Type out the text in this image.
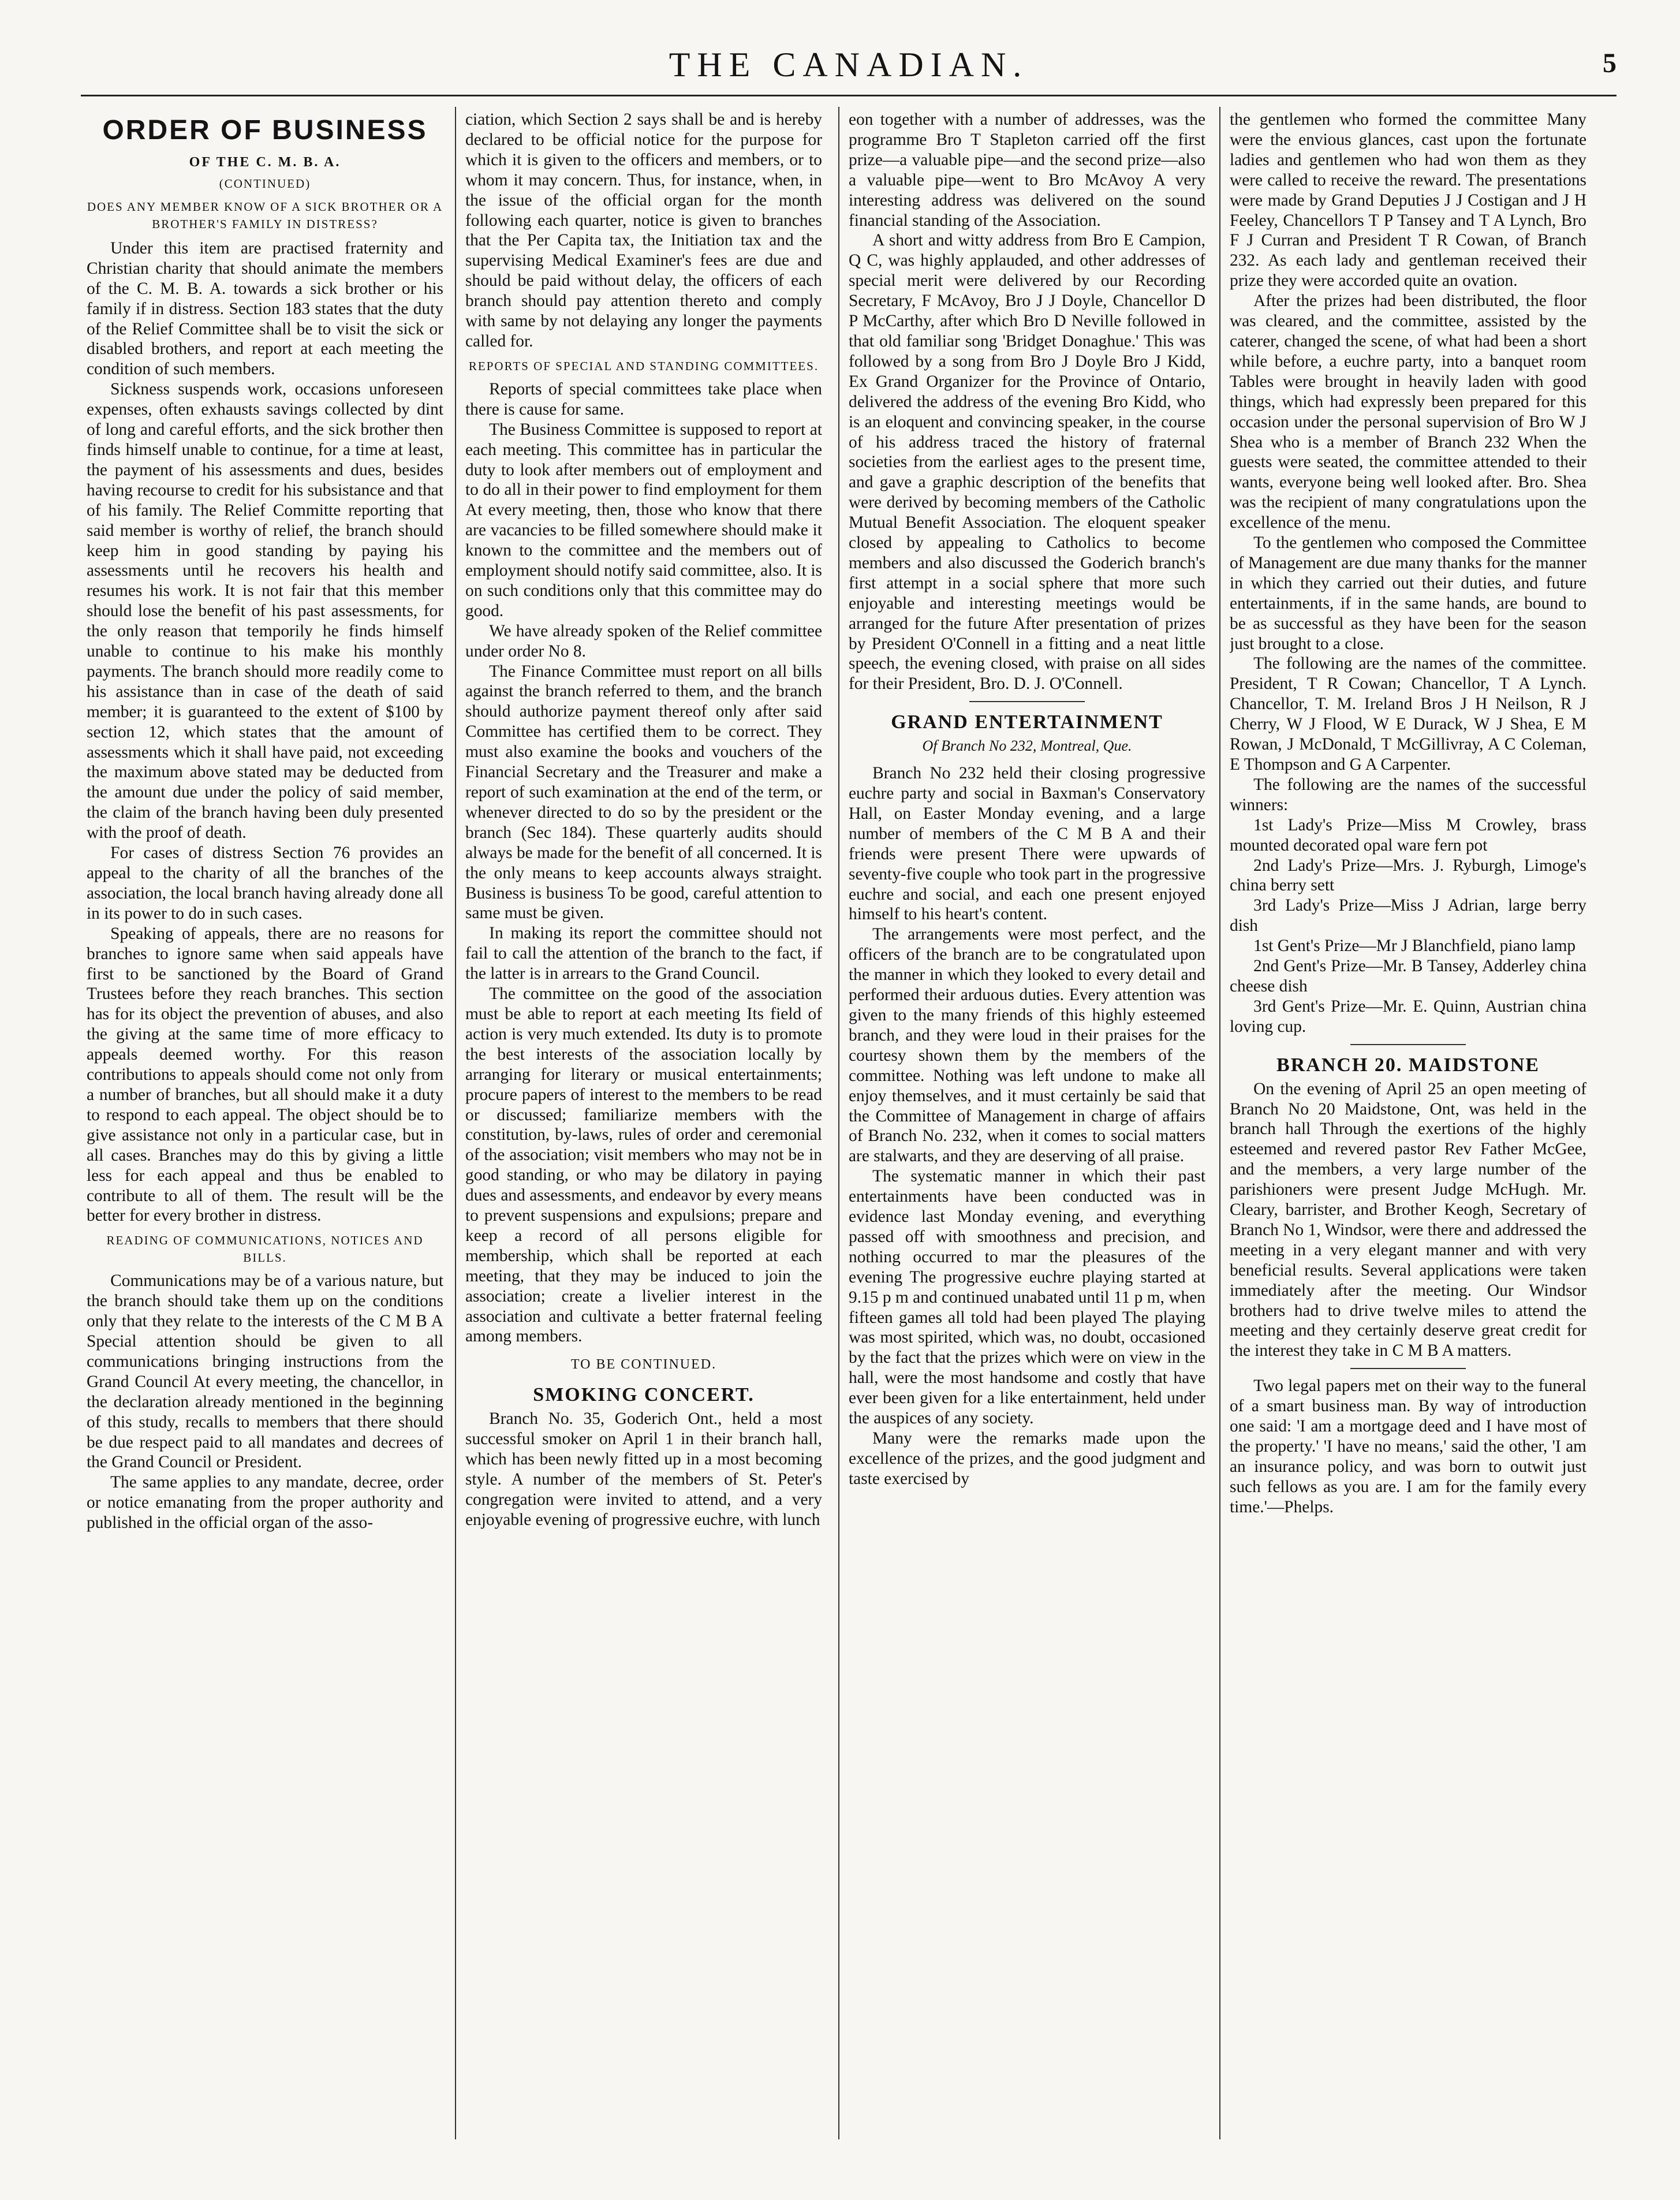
THE CANADIAN.	5
ORDER OF BUSINESS
OF THE C. M. B. A.
(CONTINUED)
DOES ANY MEMBER KNOW OF A SICK BROTHER OR A BROTHER'S FAMILY IN DISTRESS?

Under this item are practised fraternity and Christian charity that should animate the members of the C. M. B. A. towards a sick brother or his family if in distress. Section 183 states that the duty of the Relief Committee shall be to visit the sick or disabled brothers, and report at each meeting the condition of such members.

Sickness suspends work, occasions unforeseen expenses, often exhausts savings collected by dint of long and careful efforts, and the sick brother then finds himself unable to continue, for a time at least, the payment of his assessments and dues, besides having recourse to credit for his subsistance and that of his family. The Relief Committe reporting that said member is worthy of relief, the branch should keep him in good standing by paying his assessments until he recovers his health and resumes his work. It is not fair that this member should lose the benefit of his past assessments, for the only reason that temporily he finds himself unable to continue to his make his monthly payments. The branch should more readily come to his assistance than in case of the death of said member; it is guaranteed to the extent of $100 by section 12, which states that the amount of assessments which it shall have paid, not exceeding the maximum above stated may be deducted from the amount due under the policy of said member, the claim of the branch having been duly presented with the proof of death.

For cases of distress Section 76 provides an appeal to the charity of all the branches of the association, the local branch having already done all in its power to do in such cases.

Speaking of appeals, there are no reasons for branches to ignore same when said appeals have first to be sanctioned by the Board of Grand Trustees before they reach branches. This section has for its object the prevention of abuses, and also the giving at the same time of more efficacy to appeals deemed worthy. For this reason contributions to appeals should come not only from a number of branches, but all should make it a duty to respond to each appeal. The object should be to give assistance not only in a particular case, but in all cases. Branches may do this by giving a little less for each appeal and thus be enabled to contribute to all of them. The result will be the better for every brother in distress.

READING OF COMMUNICATIONS, NOTICES AND BILLS.

Communications may be of a various nature, but the branch should take them up on the conditions only that they relate to the interests of the C M B A Special attention should be given to all communications bringing instructions from the Grand Council At every meeting, the chancellor, in the declaration already mentioned in the beginning of this study, recalls to members that there should be due respect paid to all mandates and decrees of the Grand Council or President.

The same applies to any mandate, decree, order or notice emanating from the proper authority and published in the official organ of the asso-

ciation, which Section 2 says shall be and is hereby declared to be official notice for the purpose for which it is given to the officers and members, or to whom it may concern. Thus, for instance, when, in the issue of the official organ for the month following each quarter, notice is given to branches that the Per Capita tax, the Initiation tax and the supervising Medical Examiner's fees are due and should be paid without delay, the officers of each branch should pay attention thereto and comply with same by not delaying any longer the payments called for.

REPORTS OF SPECIAL AND STANDING COMMITTEES.

Reports of special committees take place when there is cause for same.

The Business Committee is supposed to report at each meeting. This committee has in particular the duty to look after members out of employment and to do all in their power to find employment for them At every meeting, then, those who know that there are vacancies to be filled somewhere should make it known to the committee and the members out of employment should notify said committee, also. It is on such conditions only that this committee may do good.

We have already spoken of the Relief committee under order No 8.

The Finance Committee must report on all bills against the branch referred to them, and the branch should authorize payment thereof only after said Committee has certified them to be correct. They must also examine the books and vouchers of the Financial Secretary and the Treasurer and make a report of such examination at the end of the term, or whenever directed to do so by the president or the branch (Sec 184). These quarterly audits should always be made for the benefit of all concerned. It is the only means to keep accounts always straight. Business is business To be good, careful attention to same must be given.

In making its report the committee should not fail to call the attention of the branch to the fact, if the latter is in arrears to the Grand Council.

The committee on the good of the association must be able to report at each meeting Its field of action is very much extended. Its duty is to promote the best interests of the association locally by arranging for literary or musical entertainments; procure papers of interest to the members to be read or discussed; familiarize members with the constitution, by-laws, rules of order and ceremonial of the association; visit members who may not be in good standing, or who may be dilatory in paying dues and assessments, and endeavor by every means to prevent suspensions and expulsions; prepare and keep a record of all persons eligible for membership, which shall be reported at each meeting, that they may be induced to join the association; create a livelier interest in the association and cultivate a better fraternal feeling among members.

TO BE CONTINUED.
SMOKING CONCERT.

Branch No. 35, Goderich Ont., held a most successful smoker on April 1 in their branch hall, which has been newly fitted up in a most becoming style. A number of the members of St. Peter's congregation were invited to attend, and a very enjoyable evening of progressive euchre, with lunch

eon together with a number of addresses, was the programme Bro T Stapleton carried off the first prize—a valuable pipe—and the second prize—also a valuable pipe—went to Bro McAvoy A very interesting address was delivered on the sound financial standing of the Association.

A short and witty address from Bro E Campion, Q C, was highly applauded, and other addresses of special merit were delivered by our Recording Secretary, F McAvoy, Bro J J Doyle, Chancellor D P McCarthy, after which Bro D Neville followed in that old familiar song 'Bridget Donaghue.' This was followed by a song from Bro J Doyle Bro J Kidd, Ex Grand Organizer for the Province of Ontario, delivered the address of the evening Bro Kidd, who is an eloquent and convincing speaker, in the course of his address traced the history of fraternal societies from the earliest ages to the present time, and gave a graphic description of the benefits that were derived by becoming members of the Catholic Mutual Benefit Association. The eloquent speaker closed by appealing to Catholics to become members and also discussed the Goderich branch's first attempt in a social sphere that more such enjoyable and interesting meetings would be arranged for the future After presentation of prizes by President O'Connell in a fitting and a neat little speech, the evening closed, with praise on all sides for their President, Bro. D. J. O'Connell.

GRAND ENTERTAINMENT
Of Branch No 232, Montreal, Que.

Branch No 232 held their closing progressive euchre party and social in Baxman's Conservatory Hall, on Easter Monday evening, and a large number of members of the C M B A and their friends were present There were upwards of seventy-five couple who took part in the progressive euchre and social, and each one present enjoyed himself to his heart's content.

The arrangements were most perfect, and the officers of the branch are to be congratulated upon the manner in which they looked to every detail and performed their arduous duties. Every attention was given to the many friends of this highly esteemed branch, and they were loud in their praises for the courtesy shown them by the members of the committee. Nothing was left undone to make all enjoy themselves, and it must certainly be said that the Committee of Management in charge of affairs of Branch No. 232, when it comes to social matters are stalwarts, and they are deserving of all praise.

The systematic manner in which their past entertainments have been conducted was in evidence last Monday evening, and everything passed off with smoothness and precision, and nothing occurred to mar the pleasures of the evening The progressive euchre playing started at 9.15 p m and continued unabated until 11 p m, when fifteen games all told had been played The playing was most spirited, which was, no doubt, occasioned by the fact that the prizes which were on view in the hall, were the most handsome and costly that have ever been given for a like entertainment, held under the auspices of any society.

Many were the remarks made upon the excellence of the prizes, and the good judgment and taste exercised by

the gentlemen who formed the committee Many were the envious glances, cast upon the fortunate ladies and gentlemen who had won them as they were called to receive the reward. The presentations were made by Grand Deputies J J Costigan and J H Feeley, Chancellors T P Tansey and T A Lynch, Bro F J Curran and President T R Cowan, of Branch 232. As each lady and gentleman received their prize they were accorded quite an ovation.

After the prizes had been distributed, the floor was cleared, and the committee, assisted by the caterer, changed the scene, of what had been a short while before, a euchre party, into a banquet room Tables were brought in heavily laden with good things, which had expressly been prepared for this occasion under the personal supervision of Bro W J Shea who is a member of Branch 232 When the guests were seated, the committee attended to their wants, everyone being well looked after. Bro. Shea was the recipient of many congratulations upon the excellence of the menu.

To the gentlemen who composed the Committee of Management are due many thanks for the manner in which they carried out their duties, and future entertainments, if in the same hands, are bound to be as successful as they have been for the season just brought to a close.

The following are the names of the committee. President, T R Cowan; Chancellor, T A Lynch. Chancellor, T. M. Ireland Bros J H Neilson, R J Cherry, W J Flood, W E Durack, W J Shea, E M Rowan, J McDonald, T McGillivray, A C Coleman, E Thompson and G A Carpenter.

The following are the names of the successful winners:

1st Lady's Prize—Miss M Crowley, brass mounted decorated opal ware fern pot

2nd Lady's Prize—Mrs. J. Ryburgh, Limoge's china berry sett

3rd Lady's Prize—Miss J Adrian, large berry dish

1st Gent's Prize—Mr J Blanchfield, piano lamp

2nd Gent's Prize—Mr. B Tansey, Adderley china cheese dish

3rd Gent's Prize—Mr. E. Quinn, Austrian china loving cup.

BRANCH 20. MAIDSTONE

On the evening of April 25 an open meeting of Branch No 20 Maidstone, Ont, was held in the branch hall Through the exertions of the highly esteemed and revered pastor Rev Father McGee, and the members, a very large number of the parishioners were present Judge McHugh. Mr. Cleary, barrister, and Brother Keogh, Secretary of Branch No 1, Windsor, were there and addressed the meeting in a very elegant manner and with very beneficial results. Several applications were taken immediately after the meeting. Our Windsor brothers had to drive twelve miles to attend the meeting and they certainly deserve great credit for the interest they take in C M B A matters.

Two legal papers met on their way to the funeral of a smart business man. By way of introduction one said: 'I am a mortgage deed and I have most of the property.' 'I have no means,' said the other, 'I am an insurance policy, and was born to outwit just such fellows as you are. I am for the family every time.'—Phelps.
